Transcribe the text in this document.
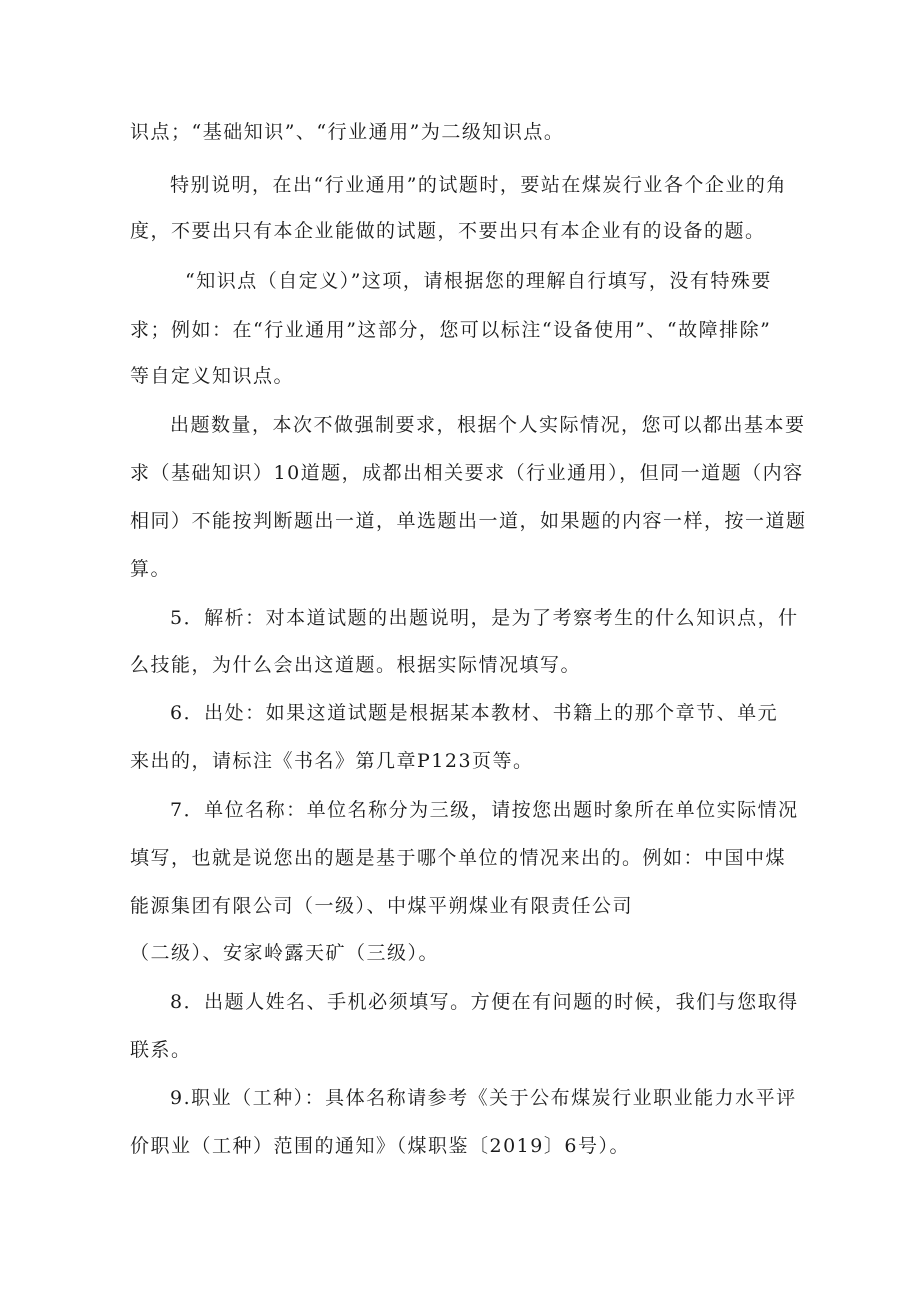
识点；“基础知识”、“行业通用”为二级知识点。
特别说明，在出“行业通用”的试题时，要站在煤炭行业各个企业的角
度，不要出只有本企业能做的试题，不要出只有本企业有的设备的题。
“知识点（自定义）”这项，请根据您的理解自行填写，没有特殊要
求；例如：在“行业通用”这部分，您可以标注“设备使用”、“故障排除”
等自定义知识点。
出题数量，本次不做强制要求，根据个人实际情况，您可以都出基本要
求（基础知识）10道题，成都出相关要求（行业通用），但同一道题（内容
相同）不能按判断题出一道，单选题出一道，如果题的内容一样，按一道题
算。
5．解析：对本道试题的出题说明，是为了考察考生的什么知识点，什
么技能，为什么会出这道题。根据实际情况填写。
6．出处：如果这道试题是根据某本教材、书籍上的那个章节、单元
来出的，请标注《书名》第几章P123页等。
7．单位名称：单位名称分为三级，请按您出题时象所在单位实际情况
填写，也就是说您出的题是基于哪个单位的情况来出的。例如：中国中煤
能源集团有限公司（一级）、中煤平朔煤业有限责任公司
（二级）、安家岭露天矿（三级）。
8．出题人姓名、手机必须填写。方便在有问题的时候，我们与您取得
联系。
9.职业（工种）：具体名称请参考《关于公布煤炭行业职业能力水平评
价职业（工种）范围的通知》（煤职鉴〔2019〕6号）。
